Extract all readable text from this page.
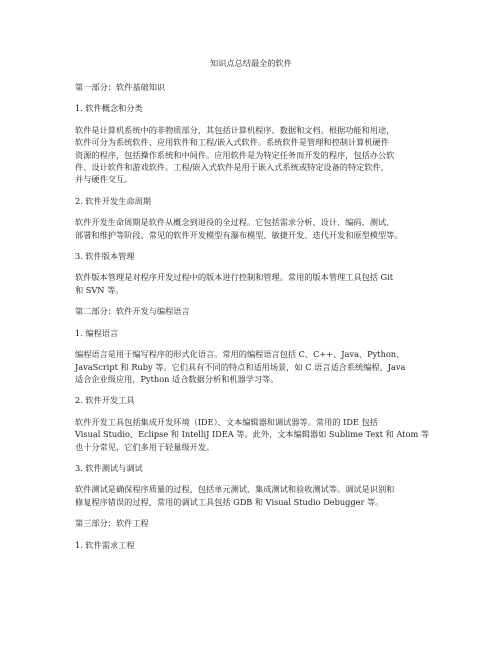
知识点总结最全的软件

第一部分：软件基础知识

1. 软件概念和分类

软件是计算机系统中的非物质部分，其包括计算机程序、数据和文档。根据功能和用途，

软件可分为系统软件、应用软件和工程/嵌入式软件。系统软件是管理和控制计算机硬件

资源的程序，包括操作系统和中间件。应用软件是为特定任务而开发的程序，包括办公软

件、设计软件和游戏软件。工程/嵌入式软件是用于嵌入式系统或特定设备的特定软件，

并与硬件交互。

2. 软件开发生命周期

软件开发生命周期是软件从概念到退役的全过程。它包括需求分析、设计、编码、测试、

部署和维护等阶段。常见的软件开发模型有瀑布模型、敏捷开发、迭代开发和原型模型等。

3. 软件版本管理

软件版本管理是对程序开发过程中的版本进行控制和管理。常用的版本管理工具包括 Git

和 SVN 等。

第二部分：软件开发与编程语言

1. 编程语言

编程语言是用于编写程序的形式化语言。常用的编程语言包括 C、C++、Java、Python、

JavaScript 和 Ruby 等。它们具有不同的特点和适用场景，如 C 语言适合系统编程，Java

适合企业级应用，Python 适合数据分析和机器学习等。

2. 软件开发工具

软件开发工具包括集成开发环境（IDE）、文本编辑器和调试器等。常用的 IDE 包括

Visual Studio、Eclipse 和 IntelliJ IDEA 等。此外，文本编辑器如 Sublime Text 和 Atom 等

也十分常见，它们多用于轻量级开发。

3. 软件测试与调试

软件测试是确保程序质量的过程，包括单元测试、集成测试和验收测试等。调试是识别和

修复程序错误的过程，常用的调试工具包括 GDB 和 Visual Studio Debugger 等。

第三部分：软件工程

1. 软件需求工程
